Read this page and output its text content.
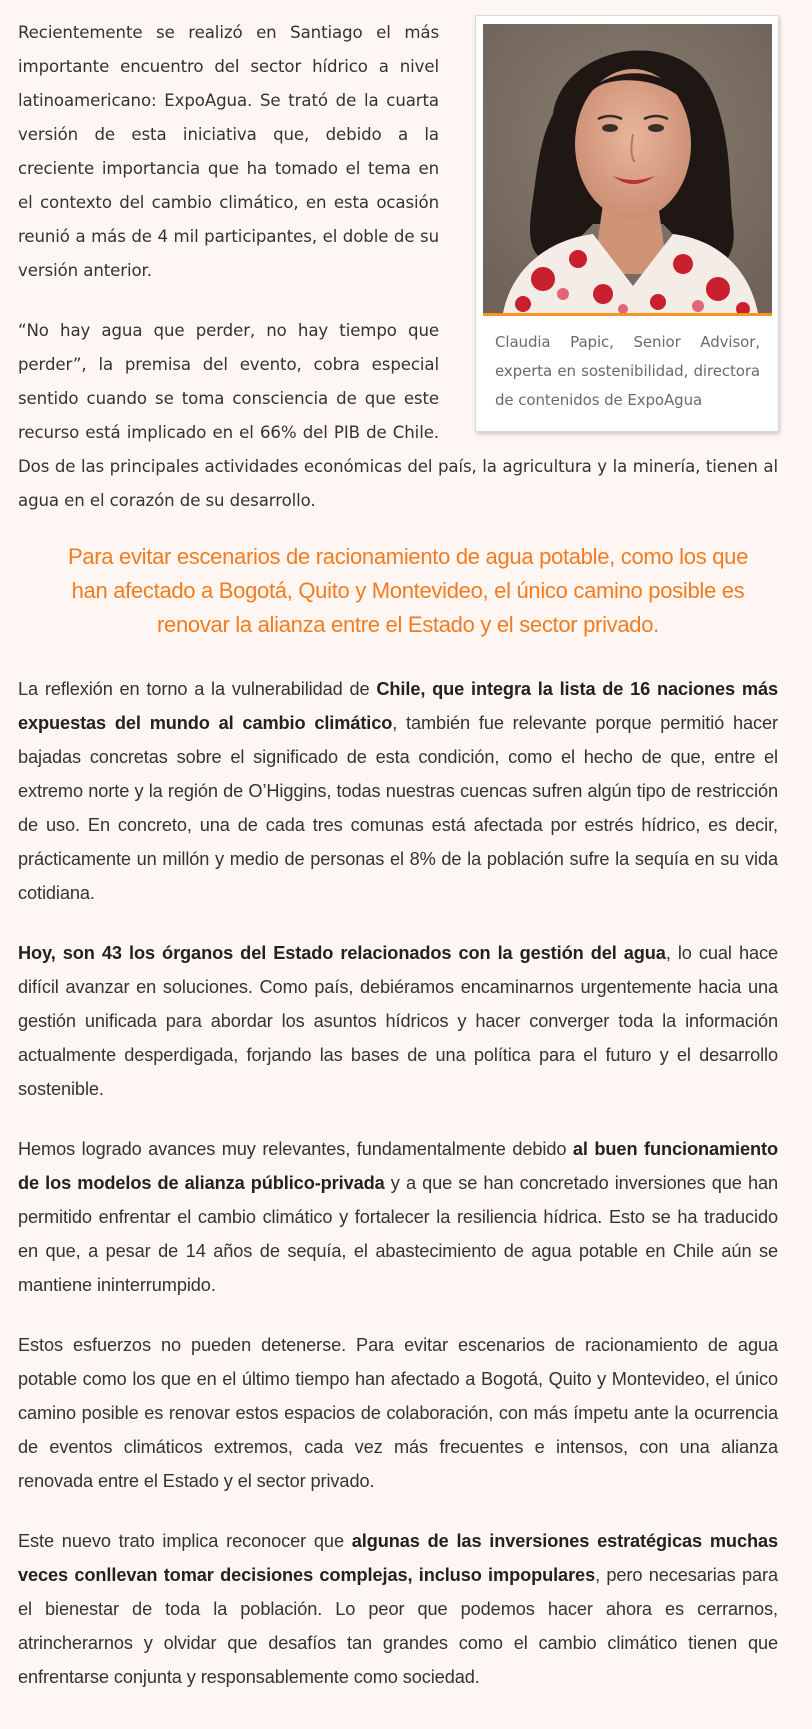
Claudia Papic, Senior Advisor, experta en sostenibilidad, directora de contenidos de ExpoAgua

Recientemente se realizó en Santiago el más importante encuentro del sector hídrico a nivel latinoamericano: ExpoAgua. Se trató de la cuarta versión de esta iniciativa que, debido a la creciente importancia que ha tomado el tema en el contexto del cambio climático, en esta ocasión reunió a más de 4 mil participantes, el doble de su versión anterior.

“No hay agua que perder, no hay tiempo que perder”, la premisa del evento, cobra especial sentido cuando se toma consciencia de que este recurso está implicado en el 66% del PIB de Chile. Dos de las principales actividades económicas del país, la agricultura y la minería, tienen al agua en el corazón de su desarrollo.

Para evitar escenarios de racionamiento de agua potable, como los que han afectado a Bogotá, Quito y Montevideo, el único camino posible es renovar la alianza entre el Estado y el sector privado.

La reflexión en torno a la vulnerabilidad de Chile, que integra la lista de 16 naciones más expuestas del mundo al cambio climático, también fue relevante porque permitió hacer bajadas concretas sobre el significado de esta condición, como el hecho de que, entre el extremo norte y la región de O’Higgins, todas nuestras cuencas sufren algún tipo de restricción de uso. En concreto, una de cada tres comunas está afectada por estrés hídrico, es decir, prácticamente un millón y medio de personas el 8% de la población sufre la sequía en su vida cotidiana.

Hoy, son 43 los órganos del Estado relacionados con la gestión del agua, lo cual hace difícil avanzar en soluciones. Como país, debiéramos encaminarnos urgentemente hacia una gestión unificada para abordar los asuntos hídricos y hacer converger toda la información actualmente desperdigada, forjando las bases de una política para el futuro y el desarrollo sostenible.

Hemos logrado avances muy relevantes, fundamentalmente debido al buen funcionamiento de los modelos de alianza público-privada y a que se han concretado inversiones que han permitido enfrentar el cambio climático y fortalecer la resiliencia hídrica. Esto se ha traducido en que, a pesar de 14 años de sequía, el abastecimiento de agua potable en Chile aún se mantiene ininterrumpido.

Estos esfuerzos no pueden detenerse. Para evitar escenarios de racionamiento de agua potable como los que en el último tiempo han afectado a Bogotá, Quito y Montevideo, el único camino posible es renovar estos espacios de colaboración, con más ímpetu ante la ocurrencia de eventos climáticos extremos, cada vez más frecuentes e intensos, con una alianza renovada entre el Estado y el sector privado.

Este nuevo trato implica reconocer que algunas de las inversiones estratégicas muchas veces conllevan tomar decisiones complejas, incluso impopulares, pero necesarias para el bienestar de toda la población. Lo peor que podemos hacer ahora es cerrarnos, atrincherarnos y olvidar que desafíos tan grandes como el cambio climático tienen que enfrentarse conjunta y responsablemente como sociedad.
